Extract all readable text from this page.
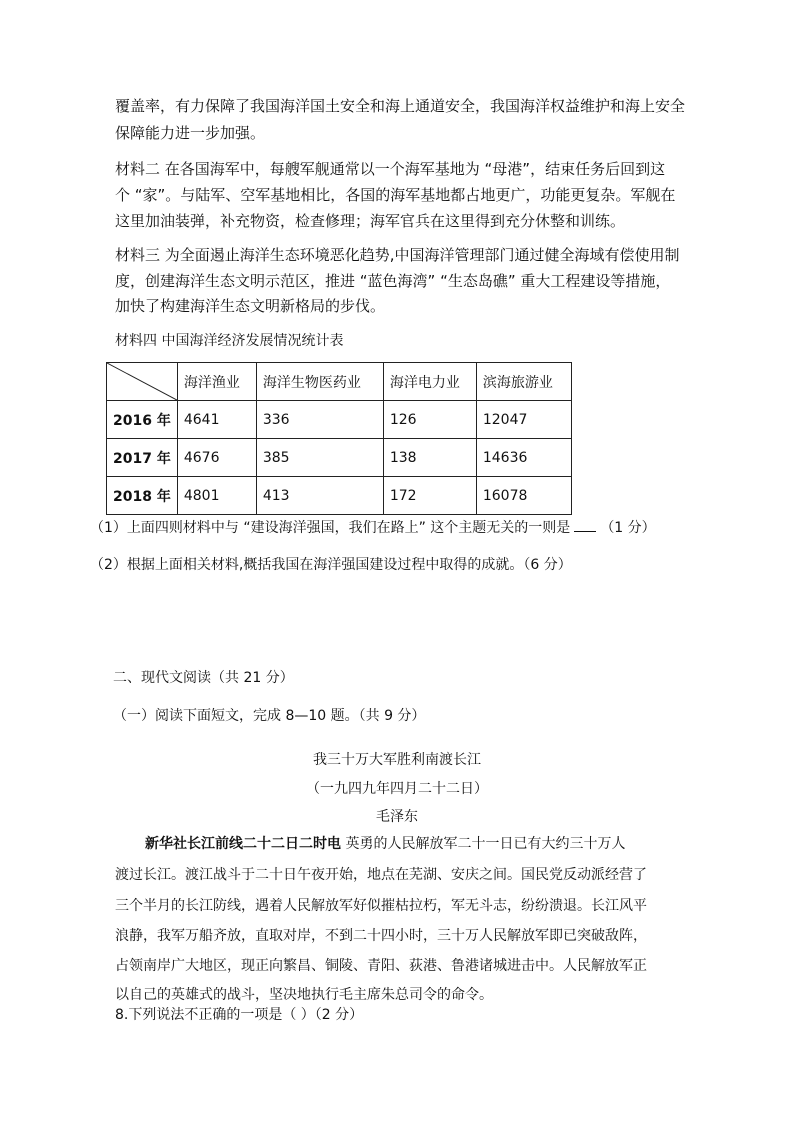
覆盖率，有力保障了我国海洋国土安全和海上通道安全，我国海洋权益维护和海上安全
保障能力进一步加强。
材料二 在各国海军中，每艘军舰通常以一个海军基地为 “母港”，结束任务后回到这
个 “家”。与陆军、空军基地相比，各国的海军基地都占地更广，功能更复杂。军舰在
这里加油装弹，补充物资，检查修理；海军官兵在这里得到充分休整和训练。
材料三 为全面遏止海洋生态环境恶化趋势,中国海洋管理部门通过健全海域有偿使用制
度，创建海洋生态文明示范区，推进 “蓝色海湾” “生态岛礁” 重大工程建设等措施，
加快了构建海洋生态文明新格局的步伐。
材料四 中国海洋经济发展情况统计表
	海洋渔业	海洋生物医药业	海洋电力业	滨海旅游业
2016 年	4641	336	126	12047
2017 年	4676	385	138	14636
2018 年	4801	413	172	16078
（1）上面四则材料中与 “建设海洋强国，我们在路上” 这个主题无关的一则是 （1 分）
（2）根据上面相关材料,概括我国在海洋强国建设过程中取得的成就。（6 分）
二、现代文阅读（共 21 分）
（一）阅读下面短文，完成 8—10 题。（共 9 分）
我三十万大军胜利南渡长江
（一九四九年四月二十二日）
毛泽东
新华社长江前线二十二日二时电 英勇的人民解放军二十一日已有大约三十万人
渡过长江。渡江战斗于二十日午夜开始，地点在芜湖、安庆之间。国民党反动派经营了
三个半月的长江防线，遇着人民解放军好似摧枯拉朽，军无斗志，纷纷溃退。长江风平
浪静，我军万船齐放，直取对岸，不到二十四小时，三十万人民解放军即已突破敌阵，
占领南岸广大地区，现正向繁昌、铜陵、青阳、荻港、鲁港诸城进击中。人民解放军正
以自己的英雄式的战斗，坚决地执行毛主席朱总司令的命令。
8.下列说法不正确的一项是（ ）（2 分）
